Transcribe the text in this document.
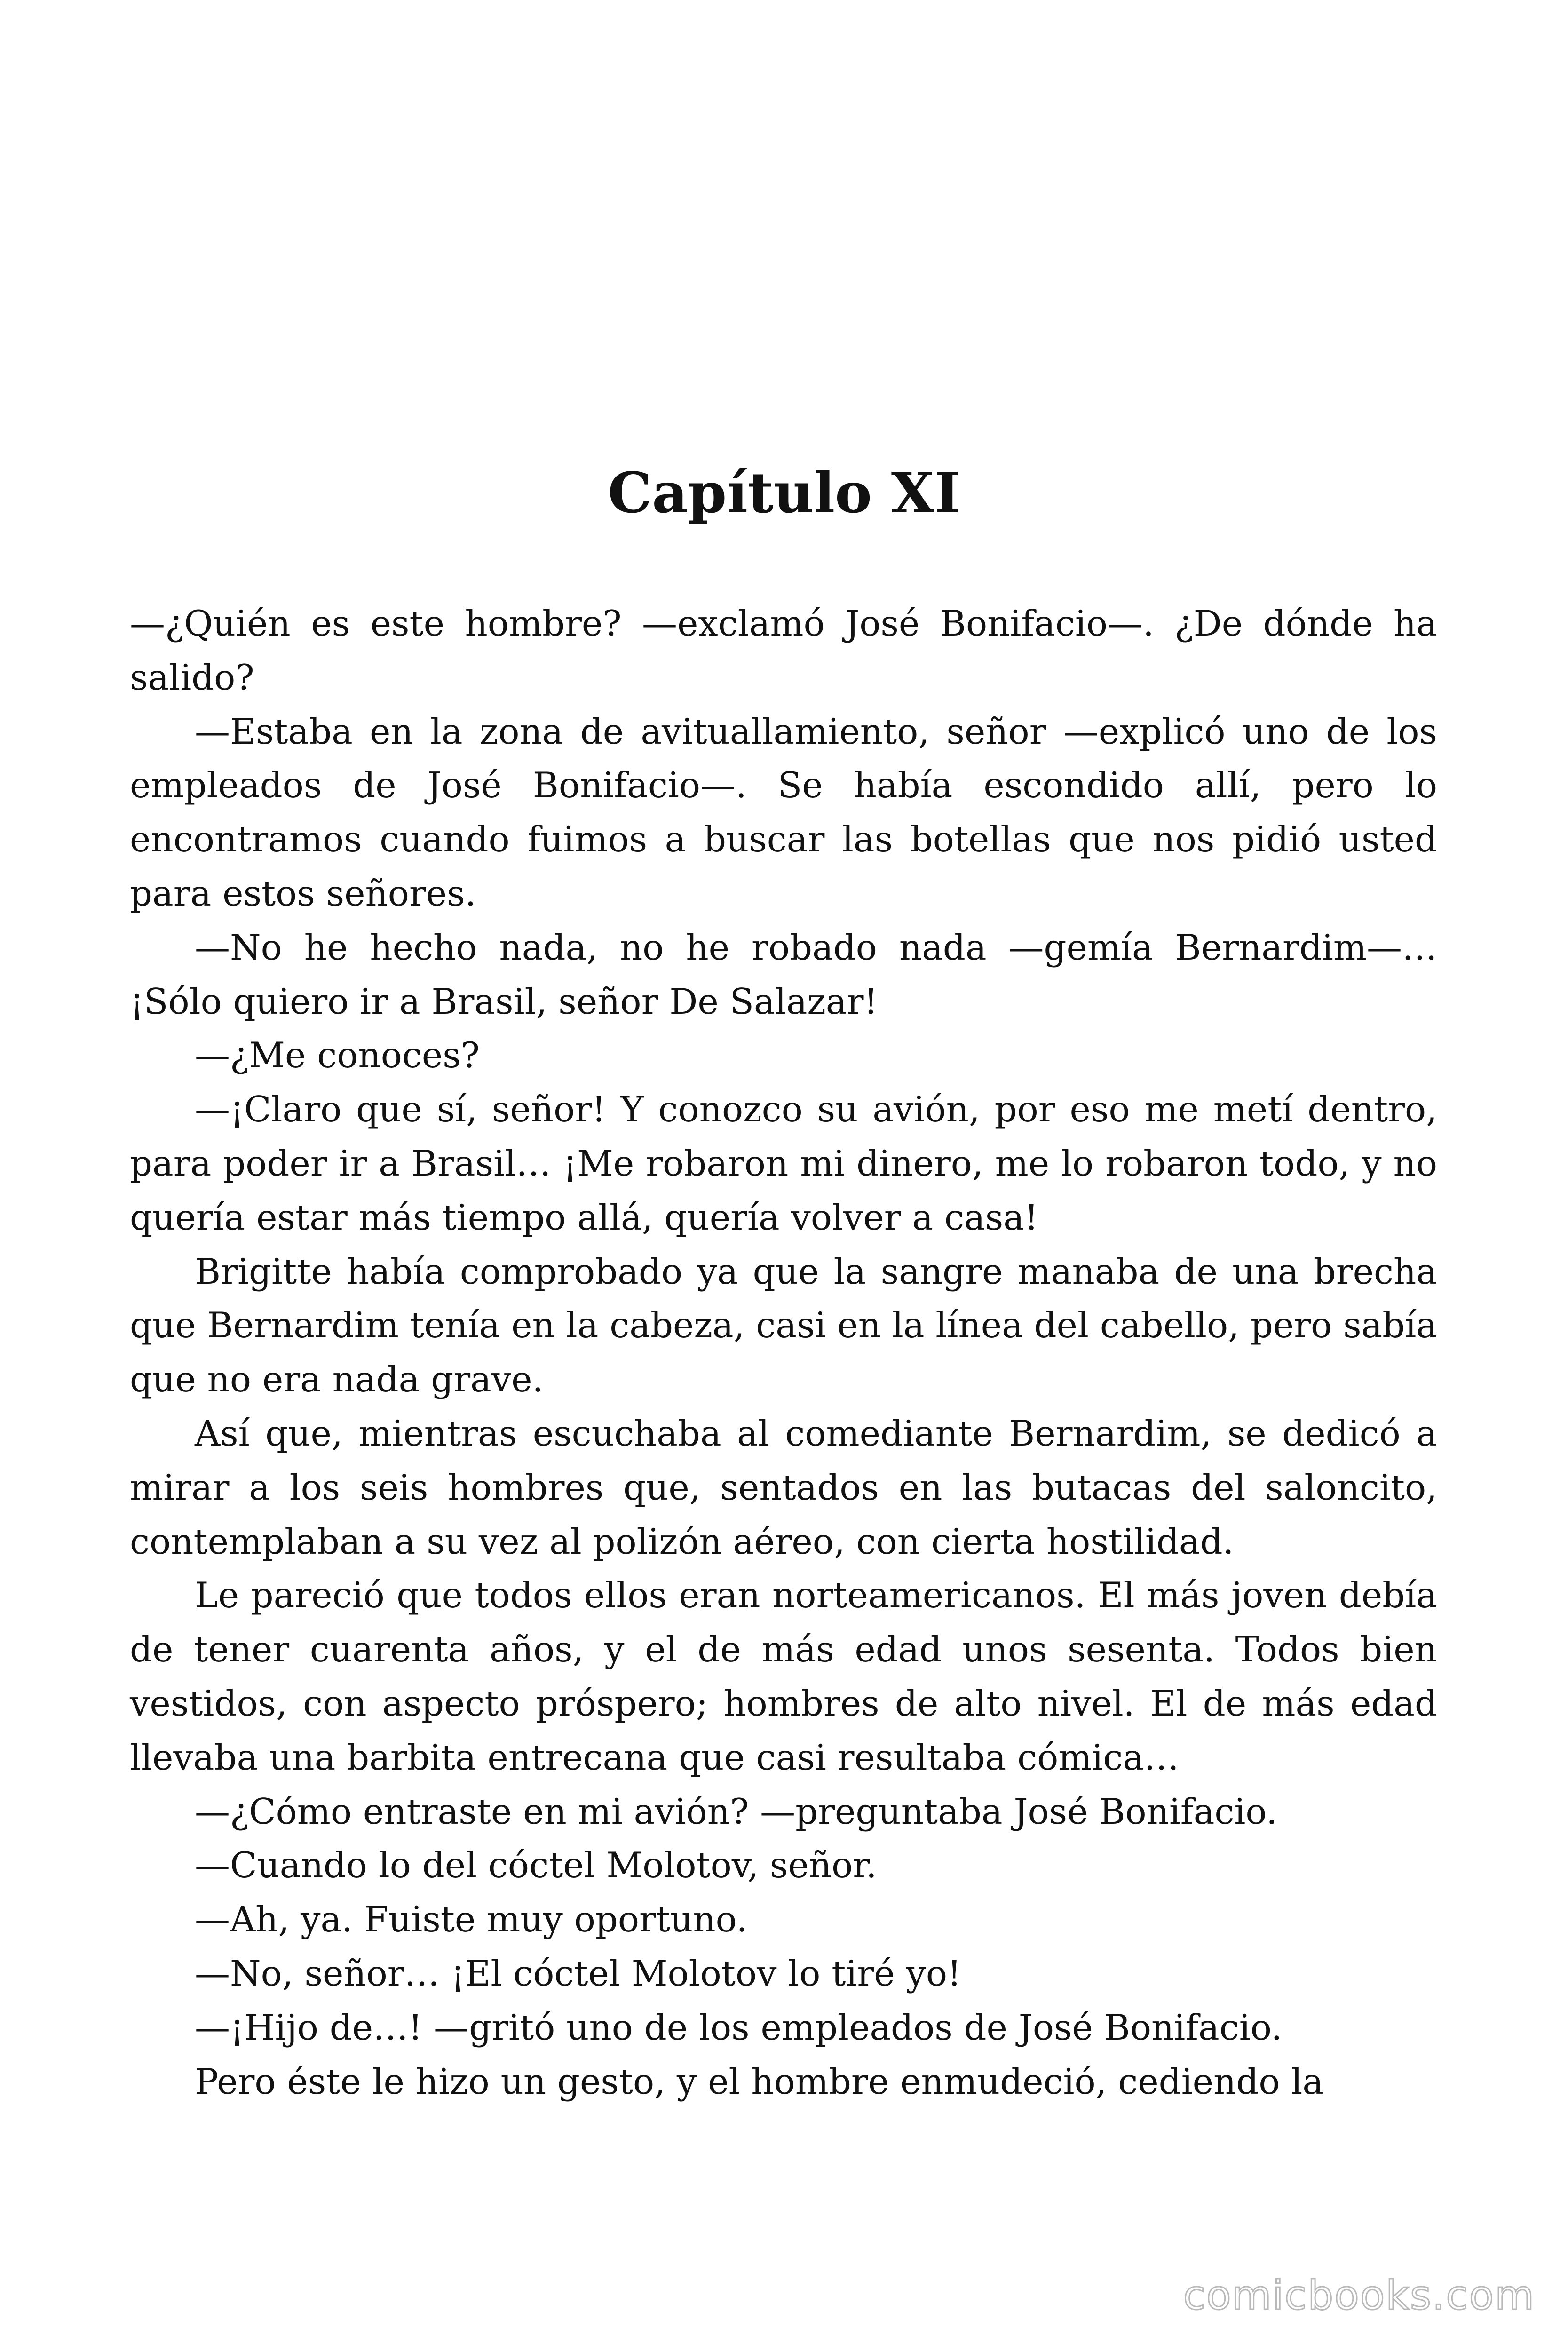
Capítulo XI

—¿Quién es este hombre? —exclamó José Bonifacio—. ¿De dónde ha salido?

—Estaba en la zona de avituallamiento, señor —explicó uno de los empleados de José Bonifacio—. Se había escondido allí, pero lo encontramos cuando fuimos a buscar las botellas que nos pidió usted para estos señores.

—No he hecho nada, no he robado nada —gemía Bernardim—… ¡Sólo quiero ir a Brasil, señor De Salazar!

—¿Me conoces?

—¡Claro que sí, señor! Y conozco su avión, por eso me metí dentro, para poder ir a Brasil… ¡Me robaron mi dinero, me lo robaron todo, y no quería estar más tiempo allá, quería volver a casa!

Brigitte había comprobado ya que la sangre manaba de una brecha que Bernardim tenía en la cabeza, casi en la línea del cabello, pero sabía que no era nada grave.

Así que, mientras escuchaba al comediante Bernardim, se dedicó a mirar a los seis hombres que, sentados en las butacas del saloncito, contemplaban a su vez al polizón aéreo, con cierta hostilidad.

Le pareció que todos ellos eran norteamericanos. El más joven debía de tener cuarenta años, y el de más edad unos sesenta. Todos bien vestidos, con aspecto próspero; hombres de alto nivel. El de más edad llevaba una barbita entrecana que casi resultaba cómica…

—¿Cómo entraste en mi avión? —preguntaba José Bonifacio.

—Cuando lo del cóctel Molotov, señor.

—Ah, ya. Fuiste muy oportuno.

—No, señor… ¡El cóctel Molotov lo tiré yo!

—¡Hijo de…! —gritó uno de los empleados de José Bonifacio.

Pero éste le hizo un gesto, y el hombre enmudeció, cediendo la

comicbooks.com
